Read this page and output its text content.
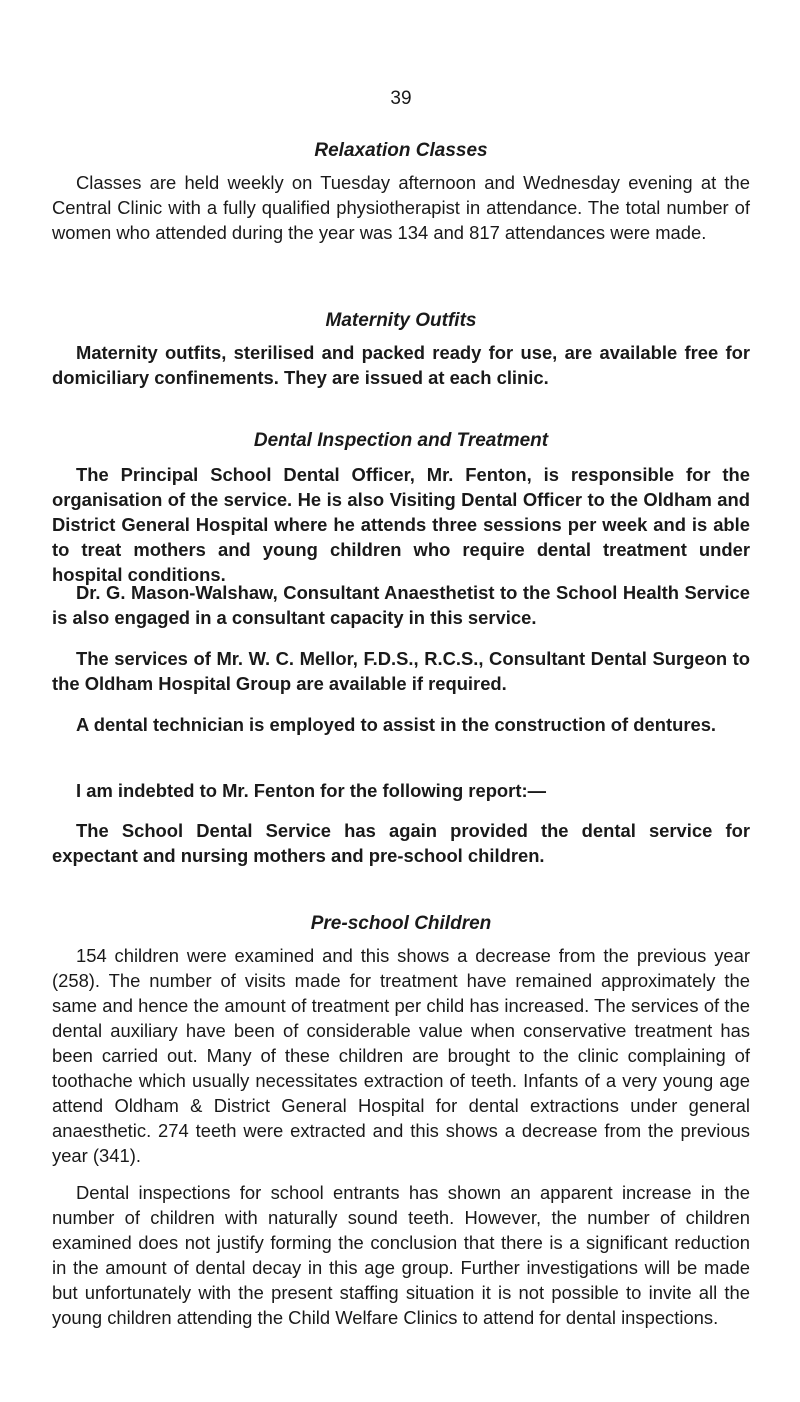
39
Relaxation Classes

Classes are held weekly on Tuesday afternoon and Wednesday evening at the Central Clinic with a fully qualified physiotherapist in attendance. The total number of women who attended during the year was 134 and 817 attendances were made.

Maternity Outfits

Maternity outfits, sterilised and packed ready for use, are available free for domiciliary confinements. They are issued at each clinic.

Dental Inspection and Treatment

The Principal School Dental Officer, Mr. Fenton, is responsible for the organisation of the service. He is also Visiting Dental Officer to the Oldham and District General Hospital where he attends three sessions per week and is able to treat mothers and young children who require dental treatment under hospital conditions.

Dr. G. Mason-Walshaw, Consultant Anaesthetist to the School Health Service is also engaged in a consultant capacity in this service.

The services of Mr. W. C. Mellor, F.D.S., R.C.S., Consultant Dental Surgeon to the Oldham Hospital Group are available if required.

A dental technician is employed to assist in the construction of dentures.

I am indebted to Mr. Fenton for the following report:—

The School Dental Service has again provided the dental service for expectant and nursing mothers and pre-school children.

Pre-school Children

154 children were examined and this shows a decrease from the previous year (258). The number of visits made for treatment have remained approximately the same and hence the amount of treatment per child has increased. The services of the dental auxiliary have been of considerable value when conservative treatment has been carried out. Many of these children are brought to the clinic complaining of toothache which usually necessitates extraction of teeth. Infants of a very young age attend Oldham & District General Hospital for dental extractions under general anaesthetic. 274 teeth were extracted and this shows a decrease from the previous year (341).

Dental inspections for school entrants has shown an apparent increase in the number of children with naturally sound teeth. However, the number of children examined does not justify forming the conclusion that there is a significant reduction in the amount of dental decay in this age group. Further investigations will be made but unfortunately with the present staffing situation it is not possible to invite all the young children attending the Child Welfare Clinics to attend for dental inspections.
